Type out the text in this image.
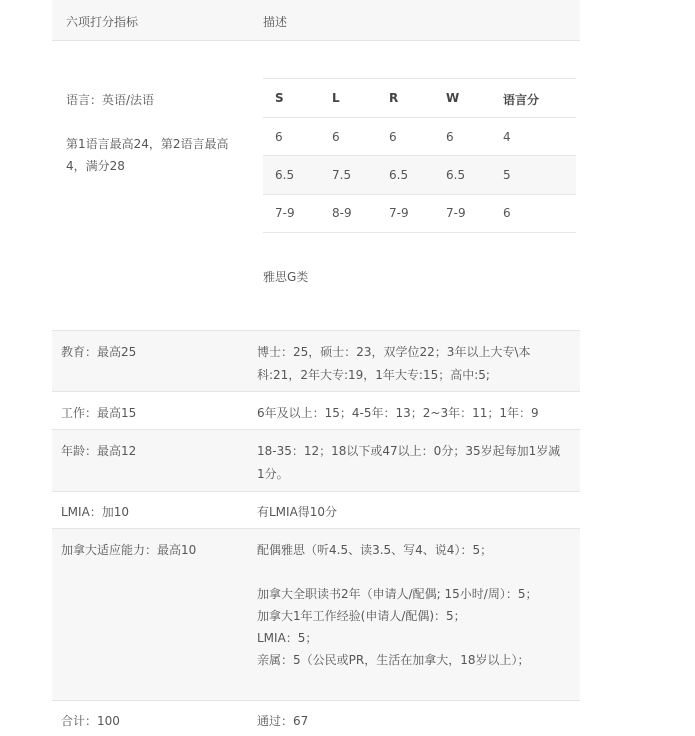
六项打分指标	描述
语言：英语/法语
第1语言最高24，第2语言最高
4，满分28
S	L	R	W	语言分
6	6	6	6	4
6.5	7.5	6.5	6.5	5
7-9	8-9	7-9	7-9	6
雅思G类
教育：最高25	博士：25，硕士：23，双学位22；3年以上大专\本
科:21，2年大专:19，1年大专:15；高中:5;
工作：最高15	6年及以上：15；4-5年：13；2~3年：11；1年：9
年龄：最高12	18-35：12；18以下或47以上：0分；35岁起每加1岁减
1分。
LMIA：加10	有LMIA得10分
加拿大适应能力：最高10	配偶雅思（听4.5、读3.5、写4、说4）：5；
加拿大全职读书2年（申请人/配偶; 15小时/周）：5；
加拿大1年工作经验(申请人/配偶)：5；
LMIA：5；
亲属：5（公民或PR，生活在加拿大，18岁以上）；
合计：100	通过：67
